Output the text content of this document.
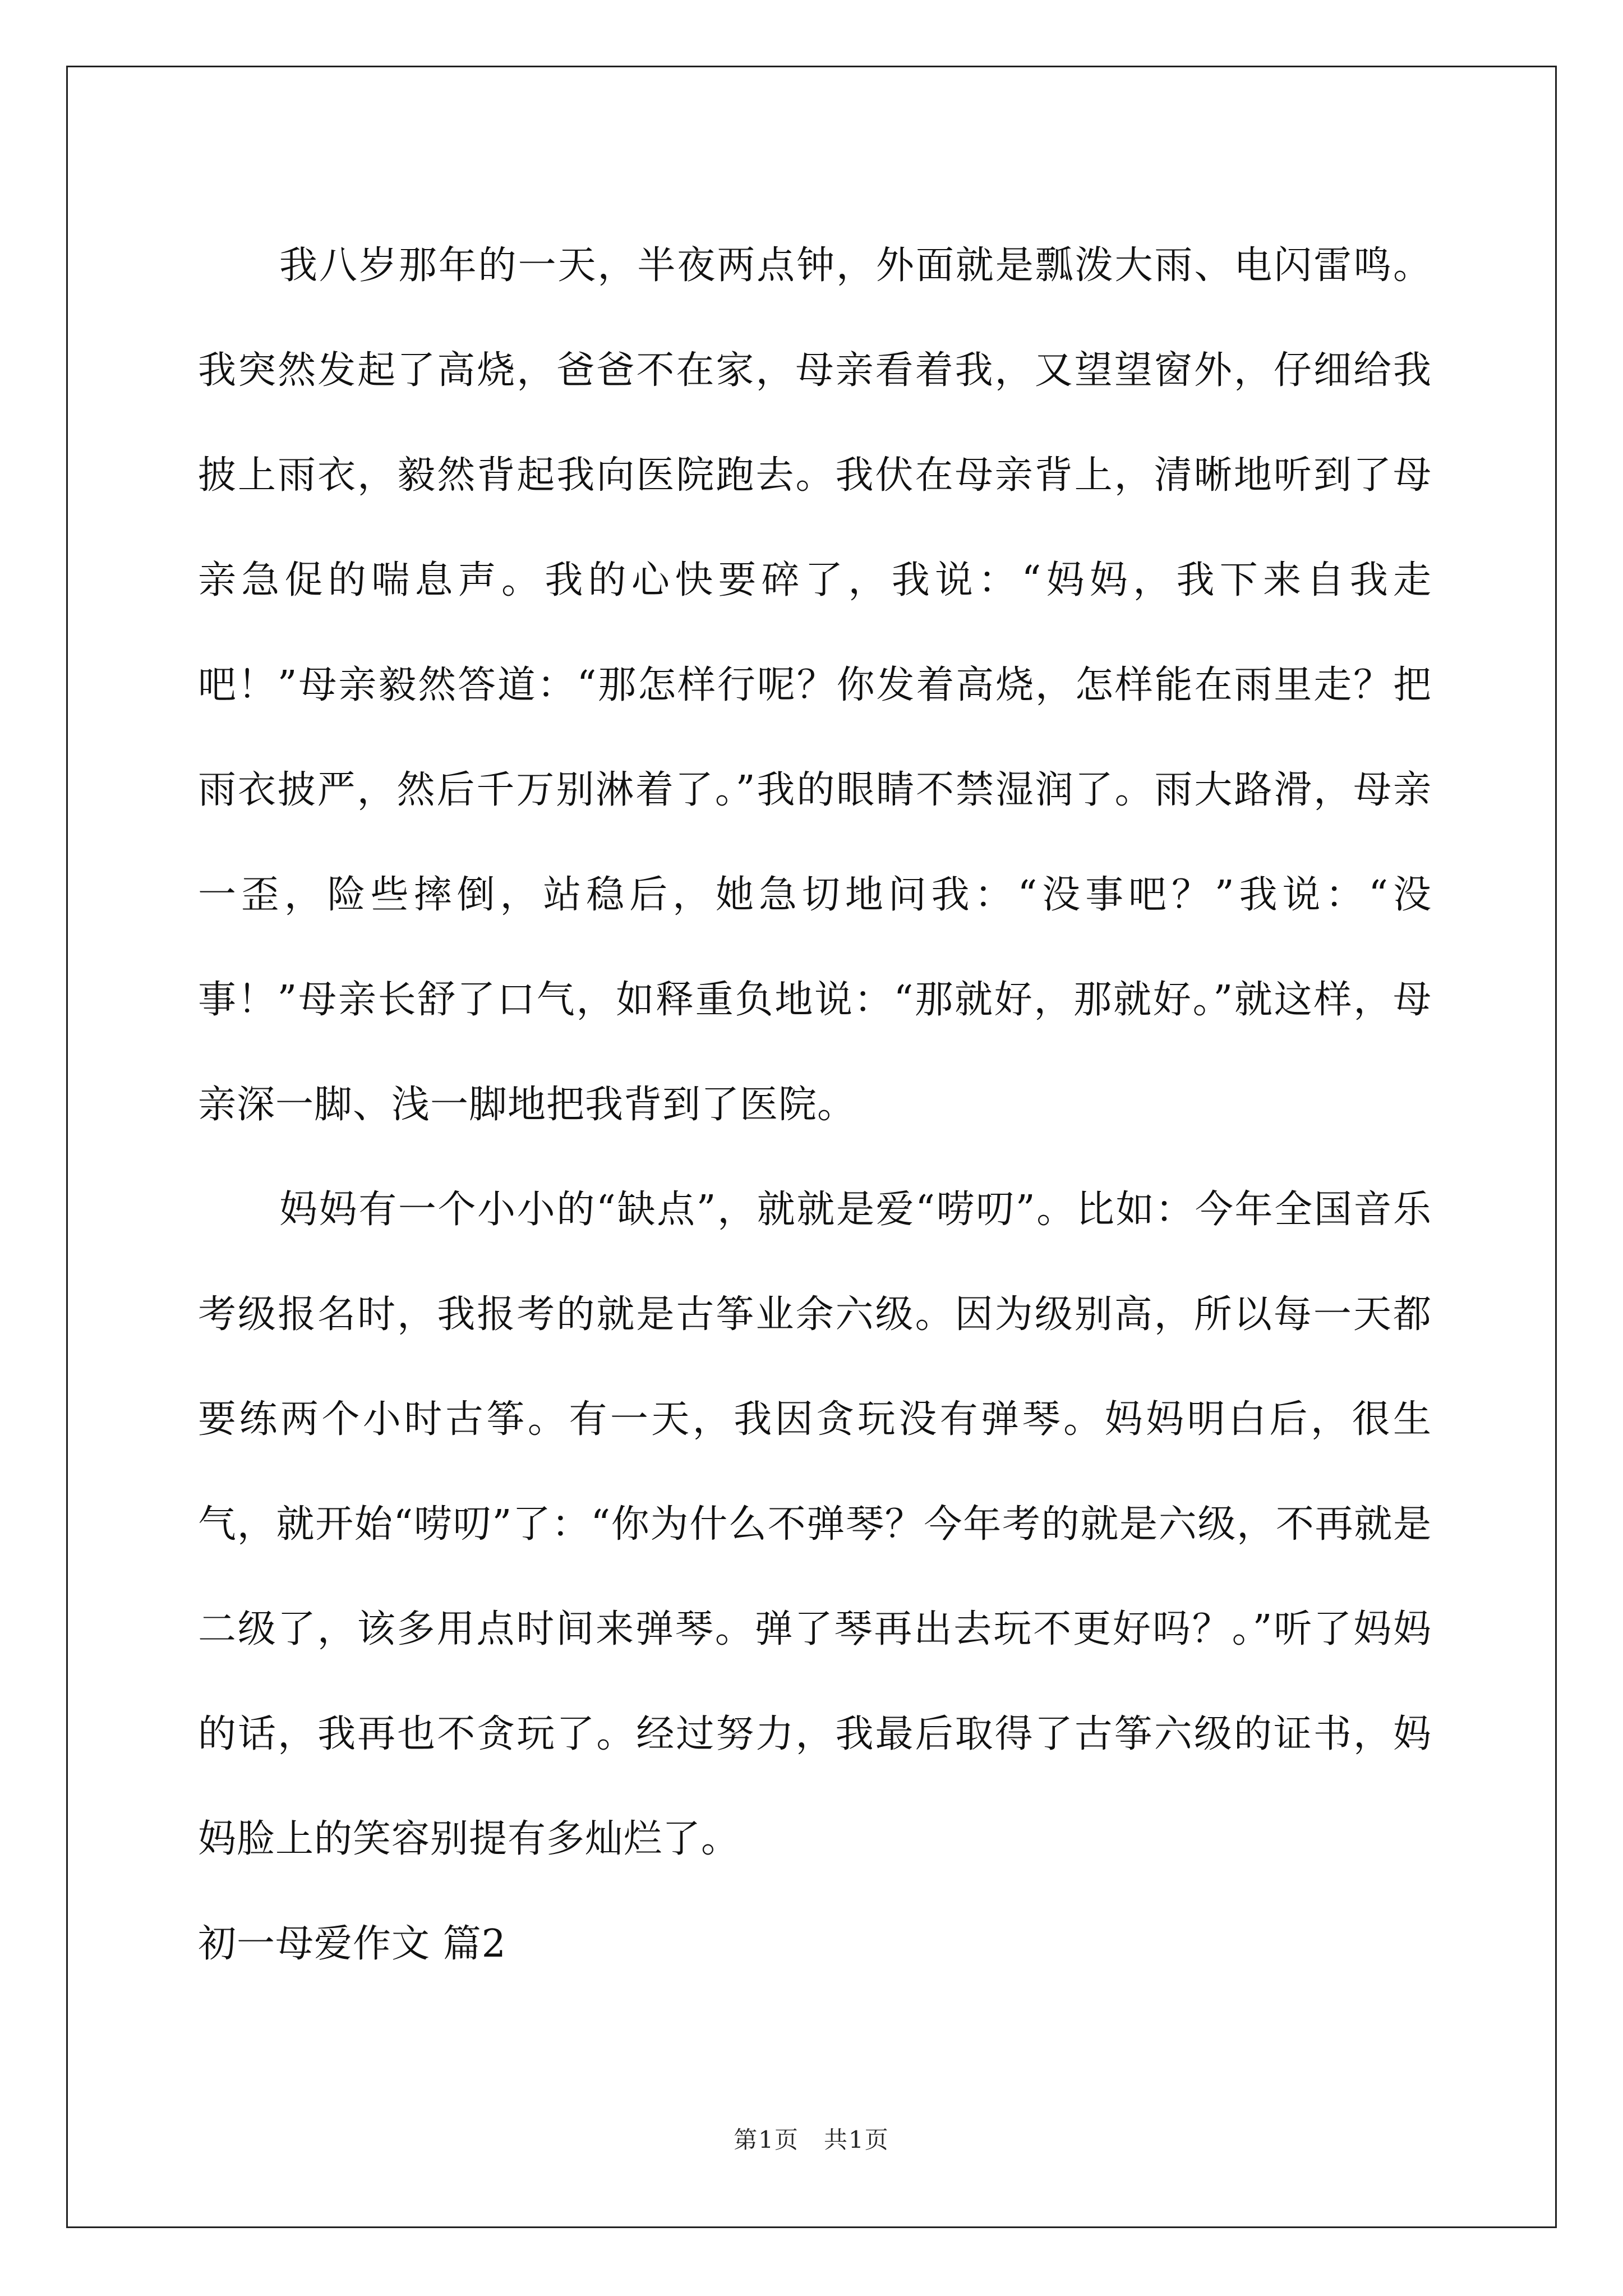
我八岁那年的一天，半夜两点钟，外面就是瓢泼大雨、电闪雷鸣。我突然发起了高烧，爸爸不在家，母亲看着我，又望望窗外，仔细给我披上雨衣，毅然背起我向医院跑去。我伏在母亲背上，清晰地听到了母亲急促的喘息声。我的心快要碎了，我说：“妈妈，我下来自我走吧！”母亲毅然答道：“那怎样行呢？你发着高烧，怎样能在雨里走？把雨衣披严，然后千万别淋着了。”我的眼睛不禁湿润了。雨大路滑，母亲一歪，险些摔倒，站稳后，她急切地问我：“没事吧？”我说：“没事！”母亲长舒了口气，如释重负地说：“那就好，那就好。”就这样，母亲深一脚、浅一脚地把我背到了医院。

妈妈有一个小小的“缺点”，就就是爱“唠叨”。比如：今年全国音乐考级报名时，我报考的就是古筝业余六级。因为级别高，所以每一天都要练两个小时古筝。有一天，我因贪玩没有弹琴。妈妈明白后，很生气，就开始“唠叨”了：“你为什么不弹琴？今年考的就是六级，不再就是二级了，该多用点时间来弹琴。弹了琴再出去玩不更好吗？。”听了妈妈的话，我再也不贪玩了。经过努力，我最后取得了古筝六级的证书，妈妈脸上的笑容别提有多灿烂了。

初一母爱作文 篇2

第1页　共1页
